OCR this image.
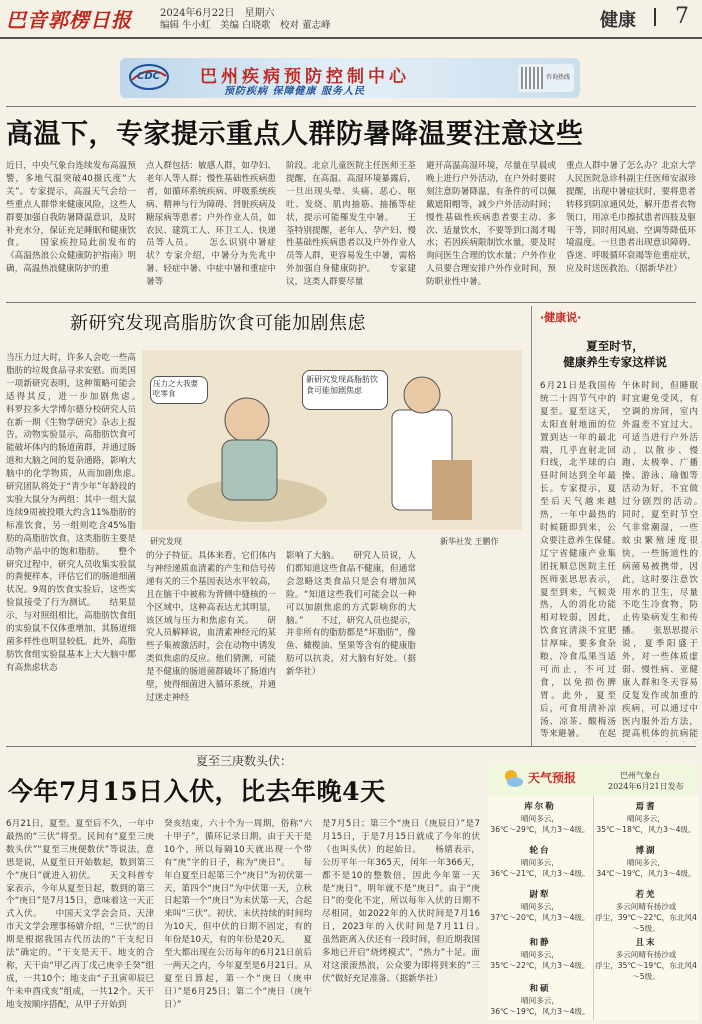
巴音郭楞日报	2024年6月22日　星期六
编辑 牛小虹　美编 白晓歌　校对 董志峰	健康 7
CDC 巴州疾病预防控制中心
预防疾病 保障健康 服务人民
咨询热线
高温下，专家提示重点人群防暑降温要注意这些
近日，中央气象台连续发布高温预警，多地气温突破40摄氏度“大关”。专家提示，高温天气会给一些重点人群带来健康风险，这些人群要加强自我防暑降温意识，及时补充水分，保证充足睡眠和健康饮食。　　国家疾控局此前发布的《高温热浪公众健康防护指南》明确，高温热浪健康防护的重
点人群包括：敏感人群，如孕妇、老年人等人群；慢性基础性疾病患者，如循环系统疾病、呼吸系统疾病、精神与行为障碍、肾脏疾病及糖尿病等患者；户外作业人员，如农民、建筑工人、环卫工人、快递员等人员。　　怎么识别中暑症状？专家介绍，中暑分为先兆中暑、轻症中暑、中症中暑和重症中暑等
阶段。北京儿童医院主任医师王荃提醒，在高温、高湿环境暴露后，一旦出现头晕、头痛、恶心、呕吐、发烧、肌肉抽筋、抽搐等症状，提示可能罹发生中暑。　　王荃特别提醒，老年人、孕产妇、慢性基础性疾病患者以及户外作业人员等人群，更容易发生中暑，需格外加强自身健康防护。　　专家建议，这类人群要尽量
避开高温高湿环境，尽量在早晨或晚上进行户外活动，在户外时要时刻注意防暑降温，有条件的可以佩戴遮阳帽等，减少户外活动时间；慢性基础性疾病患者要主动、多次、适量饮水，不要等到口渴才喝水；若因疾病限制饮水量，要及时询问医生合理的饮水量；户外作业人员要合理安排户外作业时间，预防职业性中暑。
重点人群中暑了怎么办？北京大学人民医院急诊科副主任医师安淑珍提醒，出现中暑症状时，要将患者转移到阴凉通风处，解开患者衣物领口，用凉毛巾擦拭患者四肢及躯干等，同时用风扇、空调等降低环境温度。一旦患者出现意识障碍、昏迷、呼吸循环衰竭等危重症状，应及时送医救治。（据新华社）
新研究发现高脂肪饮食可能加剧焦虑
当压力过大时，许多人会吃一些高脂肪的垃圾食品寻求安慰。而美国一项新研究表明，这种策略可能会适得其反，进一步加剧焦虑。　　科罗拉多大学博尔德分校研究人员在新一期《生物学研究》杂志上报告，动物实验显示，高脂肪饮食可能破坏体内的肠道菌群，并通过肠道和大脑之间的复杂通路，影响大脑中的化学物质，从而加剧焦虑。　　研究团队将处于“青少年”年龄段的实验大鼠分为两组：其中一组大鼠连续9周被投喂大约含11%脂肪的标准饮食，另一组则吃含45%脂肪的高脂肪饮食，这类脂肪主要是动物产品中的饱和脂肪。　　整个研究过程中，研究人员收集实验鼠的粪便样本，评估它们的肠道细菌状况。9周的饮食实验后，这些实验鼠接受了行为测试。　　结果显示，与对照组相比，高脂肪饮食组的实验鼠不仅体重增加，其肠道细菌多样性也明显较低。此外，高脂肪饮食组实验鼠基本上大大脑中都有高焦虑状态
新研究发现高脂肪饮食可能加剧焦虑
压力之大我要吃零食
研究发现	新华社发 王鹏作
的分子特征。具体来看，它们体内与神经递质血清素的产生和信号传递有关的三个基因表达水平较高，且在脑干中被称为背侧中缝核的一个区域中，这种高表达尤其明显，该区域与压力和焦虑有关。　　研究人员解释说，血清素神经元的某些子集被激活时，会在动物中诱发类似焦虑的反应。他们猜测，可能是不健康的肠道菌群破坏了肠道内壁，使得细菌进入循环系统，并通过迷走神经
影响了大脑。　　研究人员说，人们都知道这些食品不健康，但通常会忽略这类食品只是会有增加风险。“知道这些我们可能会以一种可以加剧焦虑的方式影响你的大脑。”　　不过，研究人员也提示，并非所有的脂肪都是“坏脂肪”，像鱼、橄榄油、坚果等含有的健康脂肪可以抗炎，对大脑有好处。（据新华社）
·健康说·
夏至时节，
健康养生专家这样说
6月21日是我国传统二十四节气中的夏至。夏至这天，太阳直射地面的位置到达一年的最北端，几乎直射北回归线，北半球的白昼时间达到全年最长。专家提示，夏至后天气越来越热，一年中最热的时候随即到来，公众要注意养生保健。　　辽宁省健康产业集团抚顺总医院主任医师张思思表示，夏至到来，气候炎热，人的消化功能相对较弱，因此，饮食宜清淡不宜肥甘厚味，要多食杂粮，冷食瓜果当适可而止，不可过食，以免损伤脾胃。此外，夏至后，可食用清补凉汤、凉茶、酸梅汤等来避暑。　　在起
午休时间，但睡眠时宜避免受风，有空调的房间，室内外温差不宜过大。可适当进行户外活动，以散步、慢跑、太极拳、广播操、游泳、瑜伽等活动为好，不宜做过分剧烈的活动。　　同时，夏至时节空气非常潮湿，一些蚊虫繁殖速度很快，一些肠道性的病菌易被携带，因此，这时要注意饮用水的卫生，尽量不吃生冷食物，防止传染病发生和传播。　　张思思提示说，夏季阳盛于外，对一些体质虚弱、慢性病、亚健康人群和冬天容易反复发作或加重的疾病，可以通过中医内服外治方法，提高机体的抗病能
夏至三庚数头伏：
今年7月15日入伏，比去年晚4天
6月21日，夏至。夏至后不久，一年中最热的“三伏”将至。民间有“夏至三庚数头伏”“夏至三庚便数伏”等说法，意思是说，从夏至日开始数起，数到第三个“庚日”就进入初伏。　　天文科普专家表示，今年从夏至日起，数到的第三个“庚日”是7月15日，意味着这一天正式入伏。　　中国天文学会会员、天津市天文学会理事杨婧介绍，“三伏”的日期是根据我国古代历法的“干支纪日法”确定的。“干支是天干、地支的合称，天干由“甲乙丙丁戊己庚辛壬癸”组成，一共10个；地支由“子丑寅卯辰巳午未申酉戌亥”组成，一共12个。天干地支按顺序搭配，从甲子开始到
癸亥结束，六十个为一周期，俗称“六十甲子”，循环记录日期。由于天干是10个，所以每隔10天就出现一个带有“庚”字的日子，称为“庚日”。　　每年自夏至日起第三个“庚日”为初伏第一天，第四个“庚日”为中伏第一天，立秋日起第一个“庚日”为末伏第一天，合起来叫“三伏”。初伏、末伏持续的时间均为10天，但中伏的日期不固定，有的年份是10天，有的年份是20天。　　夏至大都出现在公历每年的6月21日前后一两天之内，今年夏至是6月21日。从夏至日算起，第一个“庚日（庚申日）”是6月25日；第二个“庚日（庚午日）”
是7月5日；第三个“庚日（庚辰日）”是7月15日，于是7月15日就成了今年的伏（也叫头伏）的起始日。　　杨婧表示，公历平年一年365天，闰年一年366天，都不是10的整数倍，因此今年第一天是“庚日”，明年就不是“庚日”。由于“庚日”的变化不定，所以每年入伏的日期不尽相同，如2022年的入伏时间是7月16日，2023年的入伏时间是7月11日。　　虽然距离入伏还有一段时间，但近期我国多地已开启“烧烤模式”，“热力”十足。面对这滚滚热浪，公众要为即将到来的“三伏”做好充足准备。（据新华社）
天气预报	巴州气象台
2024年6月21日发布
库尔勒
晴间多云，
36℃～29℃，风力3～4级。
焉耆
晴间多云，
35℃～18℃，风力3～4级。
轮台
晴间多云，
36℃～21℃，风力3～4级。
博湖
晴间多云，
34℃～19℃，风力3～4级。
尉犁
晴间多云，
37℃～20℃，风力3～4级。
若羌
多云间晴有扬沙或
浮尘，39℃～22℃，东北风4～5级。
和静
晴间多云，
35℃～22℃，风力3～4级。
且末
多云间晴有扬沙或
浮尘，35℃～19℃，东北风4～5级。
和硕
晴间多云，
36℃～19℃，风力3～4级。
